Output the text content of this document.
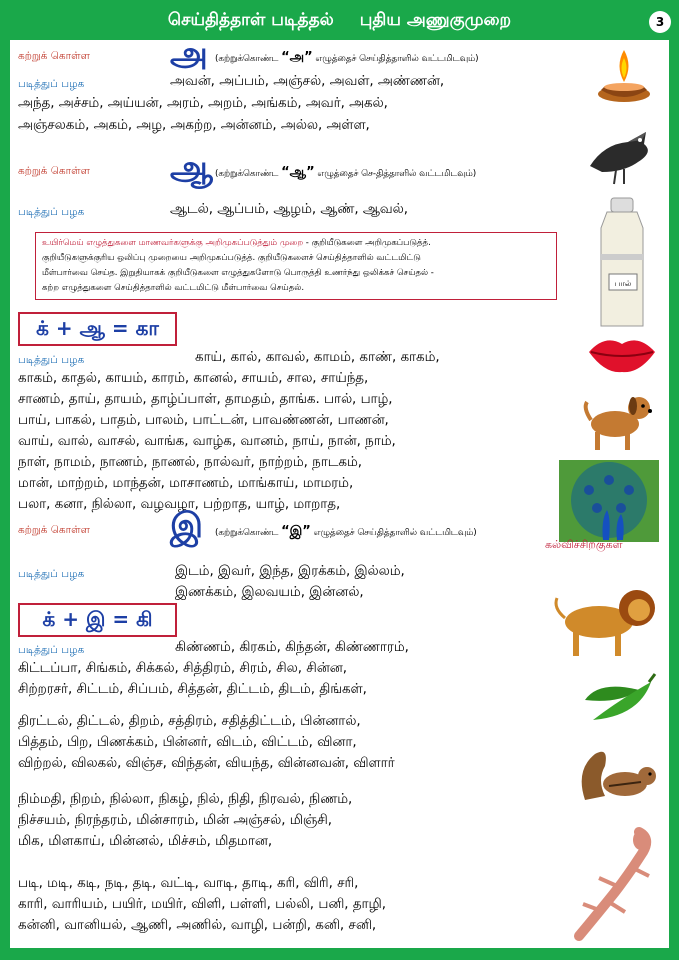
செய்தித்தாள் படித்தல் புதிய அணுகுமுறை	3
கற்றுக் கொள்ள அ (கற்றுக்கொண்ட “அ” எழுத்தைச் செய்தித்தாளில் வட்டமிடவும்)
படித்துப் பழக	அவன், அப்பம், அஞ்சல், அவள், அண்ணன்,
அந்த, அச்சம், அய்யன், அரம், அறம், அங்கம், அவர், அகல்,
அஞ்சலகம், அகம், அழ, அகற்ற, அன்னம், அல்ல, அள்ள,
கற்றுக் கொள்ள ஆ (கற்றுக்கொண்ட “ஆ” எழுத்தைச் செ-தித்தாளில் வட்டமிடவும்)
படித்துப் பழக	ஆடல், ஆப்பம், ஆழம், ஆண், ஆவல்,
உயிர்மெய் எழுத்துகளை மாணவர்களுக்கு அறிமுகப்படுத்தும் முறை - குறியீடுகளை அறிமுகப்படுத்த்.
குறியீடுகளுக்குரிய ஒலிப்பு முறையை அறிமுகப்படுத்த். குறியீடுகளைச் செய்தித்தாளில் வட்டமிட்டு
மீள்பார்வை செய்த. இறுதியாகக் குறியீடுகளை எழுத்துகளோடு பொருத்தி உணர்ந்து ஒலிக்கச் செய்தல் -
கற்ற எழுத்துகளை செய்தித்தாளில் வட்டமிட்டு மீள்பார்வை செய்தல்.
க் + ஆ = கா
படித்துப் பழக	காய், கால், காவல், காமம், காண், காகம்,
காகம், காதல், காயம், காரம், கானல், சாயம், சால, சாய்ந்த,
சாணம், தாய், தாயம், தாழ்ப்பாள், தாமதம், தாங்க. பால், பாழ்,
பாய், பாகல், பாதம், பாலம், பாட்டன், பாவண்ணன், பாணன்,
வாய், வால், வாசல், வாங்க, வாழ்க, வானம், நாய், நான், நாம்,
நாள், நாமம், நாணம், நாணல், நால்வர், நாற்றம், நாடகம்,
மான், மாற்றம், மாந்தன், மாசாணம், மாங்காய், மாமரம்,
பலா, கனா, நில்லா, வழவழா, பற்றாத, யாழ், மாறாத,
கற்றுக் கொள்ள இ (கற்றுக்கொண்ட “இ” எழுத்தைச் செய்தித்தாளில் வட்டமிடவும்)
படித்துப் பழக	இடம், இவர், இந்த, இரக்கம், இல்லம்,
இணக்கம், இலவயம், இன்னல்,
க் + இ = கி
படித்துப் பழக	கிண்ணம், கிரகம், கிந்தன், கிண்ணாரம்,
கிட்டப்பா, சிங்கம், சிக்கல், சித்திரம், சிரம், சில, சின்ன,
சிற்றரசர், சிட்டம், சிப்பம், சித்தன், திட்டம், திடம், திங்கள்,
திரட்டல், திட்டல், திறம், சத்திரம், சதித்திட்டம், பின்னால்,
பித்தம், பிற, பிணக்கம், பின்னர், விடம், விட்டம், வினா,
விற்றல், விலகல், விஞ்ச, விந்தன், வியந்த, வின்னவன், விளார்
நிம்மதி, நிறம், நில்லா, நிகழ், நில், நிதி, நிரவல், நிணம்,
நிச்சயம், நிரந்தரம், மின்சாரம், மின் அஞ்சல், மிஞ்சி,
மிக, மிளகாய், மின்னல், மிச்சம், மிதமான,
படி, மடி, கடி, நடி, தடி, வட்டி, வாடி, தாடி, கரி, விரி, சரி,
காரி, வாரியம், பயிர், மயிர், விளி, பள்ளி, பல்லி, பனி, தாழி,
கன்னி, வானியல், ஆணி, அணில், வாழி, பன்றி, கனி, சனி,
பால்
கல்விச்சிறகுகள்
